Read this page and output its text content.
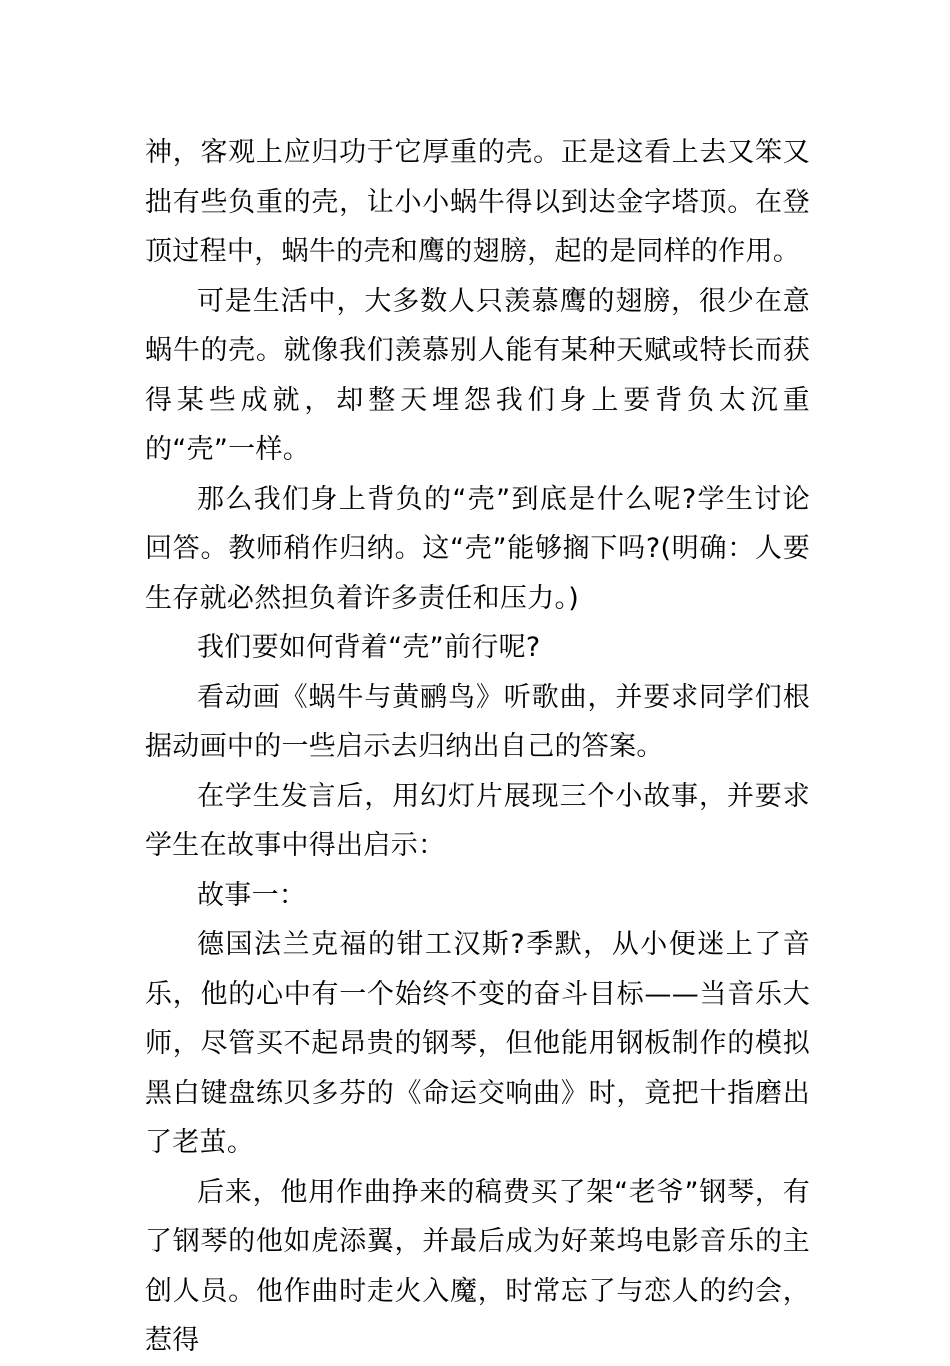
神，客观上应归功于它厚重的壳。正是这看上去又笨又拙有些负重的壳，让小小蜗牛得以到达金字塔顶。在登顶过程中，蜗牛的壳和鹰的翅膀，起的是同样的作用。

可是生活中，大多数人只羡慕鹰的翅膀，很少在意蜗牛的壳。就像我们羡慕别人能有某种天赋或特长而获得某些成就，却整天埋怨我们身上要背负太沉重的“壳”一样。

那么我们身上背负的“壳”到底是什么呢?学生讨论回答。教师稍作归纳。这“壳”能够搁下吗?(明确：人要生存就必然担负着许多责任和压力。)

我们要如何背着“壳”前行呢?

看动画《蜗牛与黄鹂鸟》听歌曲，并要求同学们根据动画中的一些启示去归纳出自己的答案。

在学生发言后，用幻灯片展现三个小故事，并要求学生在故事中得出启示：

故事一：

德国法兰克福的钳工汉斯?季默，从小便迷上了音乐，他的心中有一个始终不变的奋斗目标——当音乐大师，尽管买不起昂贵的钢琴，但他能用钢板制作的模拟黑白键盘练贝多芬的《命运交响曲》时，竟把十指磨出了老茧。

后来，他用作曲挣来的稿费买了架“老爷”钢琴，有了钢琴的他如虎添翼，并最后成为好莱坞电影音乐的主创人员。他作曲时走火入魔，时常忘了与恋人的约会，惹得
